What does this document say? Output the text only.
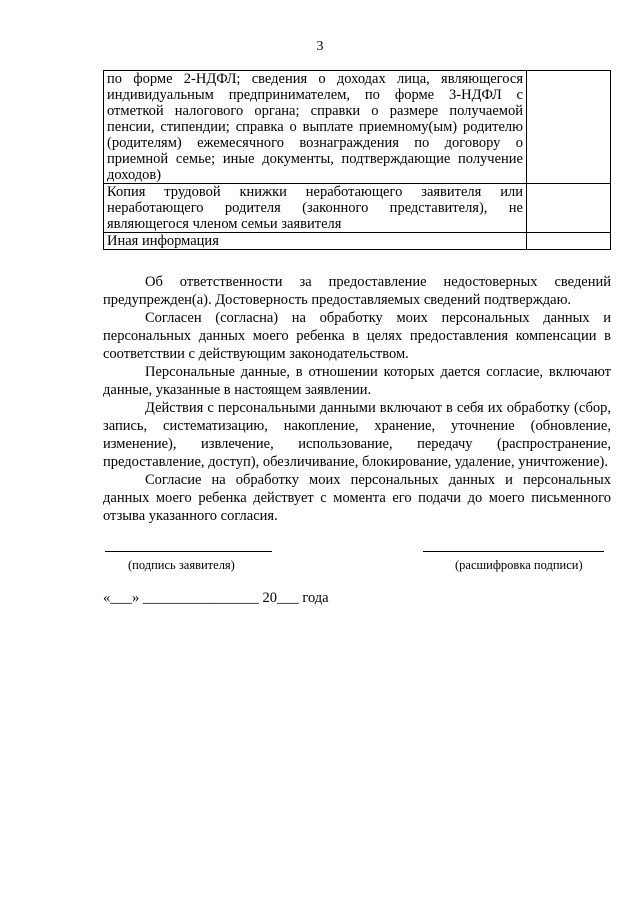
3
по форме 2-НДФЛ; сведения о доходах лица, являющегося индивидуальным предпринимателем, по форме 3-НДФЛ с отметкой налогового органа; справки о размере получаемой пенсии, стипендии; справка о выплате приемному(ым) родителю (родителям) ежемесячного вознаграждения по договору о приемной семье; иные документы, подтверждающие получение доходов)	
Копия трудовой книжки неработающего заявителя или неработающего родителя (законного представителя), не являющегося членом семьи заявителя	
Иная информация	

Об ответственности за предоставление недостоверных сведений предупрежден(а). Достоверность предоставляемых сведений подтверждаю.

Согласен (согласна) на обработку моих персональных данных и персональных данных моего ребенка в целях предоставления компенсации в соответствии с действующим законодательством.

Персональные данные, в отношении которых дается согласие, включают данные, указанные в настоящем заявлении.

Действия с персональными данными включают в себя их обработку (сбор, запись, систематизацию, накопление, хранение, уточнение (обновление, изменение), извлечение, использование, передачу (распространение, предоставление, доступ), обезличивание, блокирование, удаление, уничтожение).

Согласие на обработку моих персональных данных и персональных данных моего ребенка действует с момента его подачи до моего письменного отзыва указанного согласия.

(подпись заявителя)	(расшифровка подписи)
«___» ________________ 20___ года
